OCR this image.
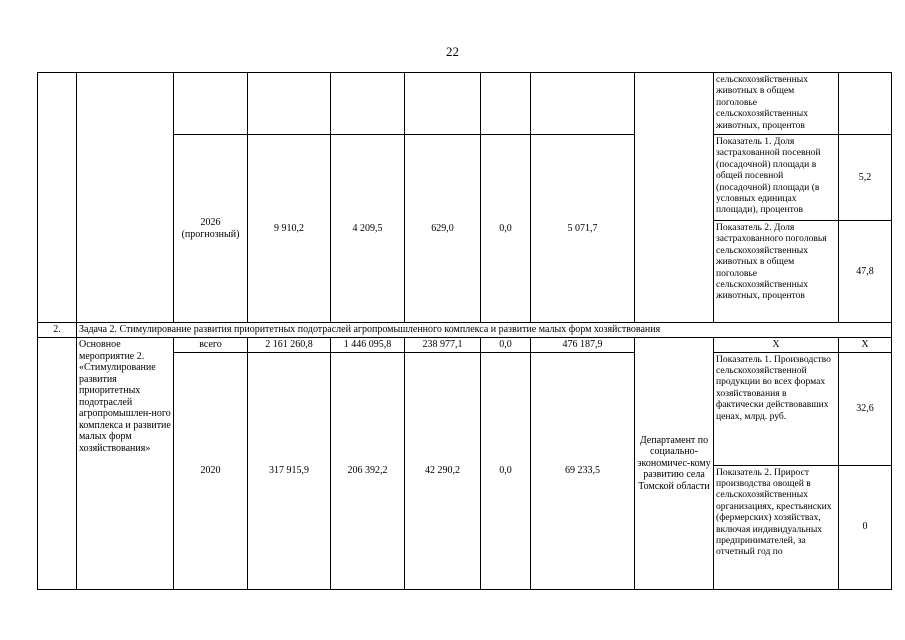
22
									сельскохозяйственных животных в общем поголовье сельскохозяйственных животных, процентов	
		2026 (прогнозный)	9 910,2	4 209,5	629,0	0,0	5 071,7		Показатель 1. Доля застрахованной посевной (посадочной) площади в общей посевной (посадочной) площади (в условных единицах площади), процентов	5,2
									Показатель 2. Доля застрахованного поголовья сельскохозяйственных животных в общем поголовье сельскохозяйственных животных, процентов	47,8
2.	Задача 2. Стимулирование развития приоритетных подотраслей агропромышленного комплекса и развитие малых форм хозяйствования									
	Основное мероприятие 2. «Стимулирование развития приоритетных подотраслей агропромышлен-ного комплекса и развитие малых форм хозяйствования»	всего	2 161 260,8	1 446 095,8	238 977,1	0,0	476 187,9	Департамент по социально-экономичес-кому развитию села Томской области	X	X
		2020	317 915,9	206 392,2	42 290,2	0,0	69 233,5		Показатель 1. Производство сельскохозяйственной продукции во всех формах хозяйствования в фактически действовавших ценах, млрд. руб.	32,6
									Показатель 2. Прирост производства овощей в сельскохозяйственных организациях, крестьянских (фермерских) хозяйствах, включая индивидуальных предпринимателей, за отчетный год по	0
